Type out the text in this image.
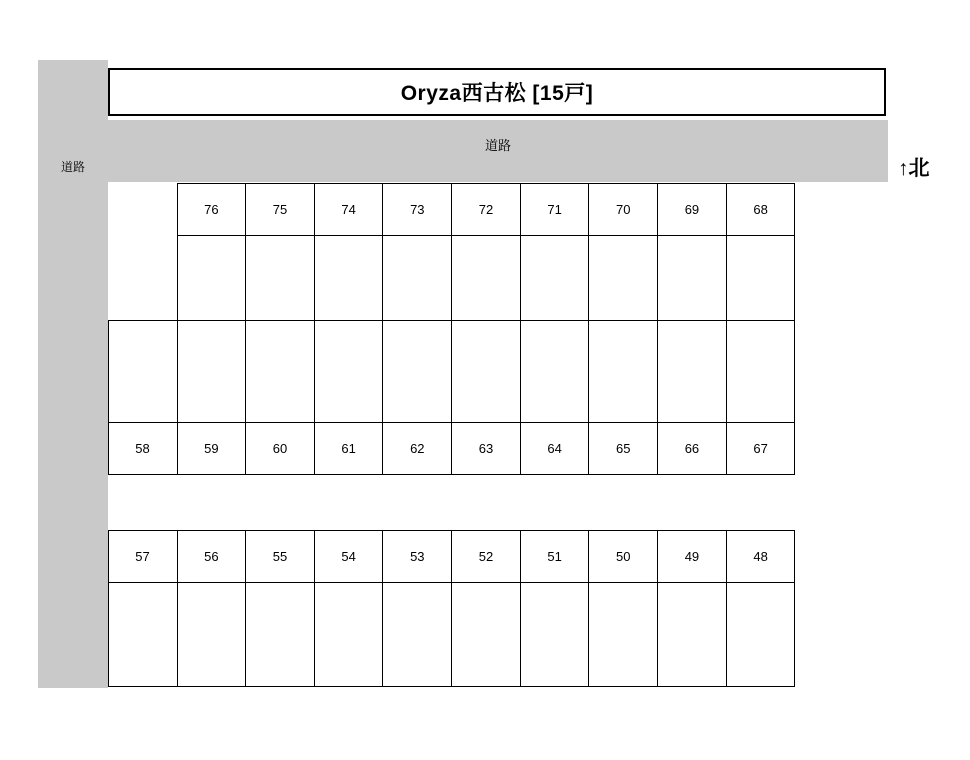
道路
道路
Oryza西古松 [15戸]
↑北
76	75	74	73	72	71	70	69	68
58	59	60	61	62	63	64	65	66	67
57	56	55	54	53	52	51	50	49	48
